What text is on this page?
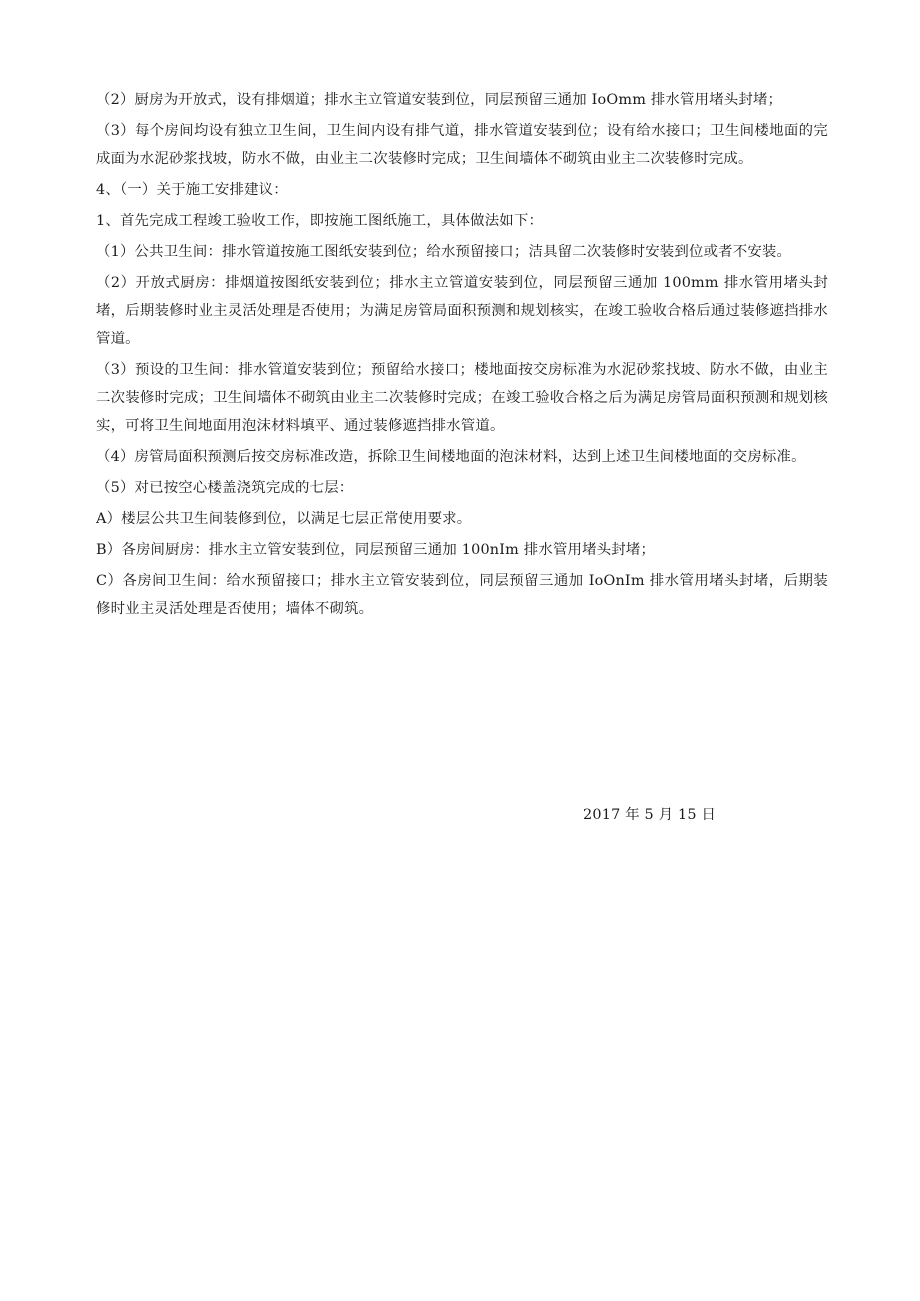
（2）厨房为开放式，设有排烟道；排水主立管道安装到位，同层预留三通加 IoOmm 排水管用堵头封堵；

（3）每个房间均设有独立卫生间，卫生间内设有排气道，排水管道安装到位；设有给水接口；卫生间楼地面的完成面为水泥砂浆找坡，防水不做，由业主二次装修时完成；卫生间墙体不砌筑由业主二次装修时完成。

4、（一）关于施工安排建议：

1、首先完成工程竣工验收工作，即按施工图纸施工，具体做法如下：

（1）公共卫生间：排水管道按施工图纸安装到位；给水预留接口；洁具留二次装修时安装到位或者不安装。

（2）开放式厨房：排烟道按图纸安装到位；排水主立管道安装到位，同层预留三通加 100mm 排水管用堵头封堵，后期装修时业主灵活处理是否使用；为满足房管局面积预测和规划核实，在竣工验收合格后通过装修遮挡排水管道。

（3）预设的卫生间：排水管道安装到位；预留给水接口；楼地面按交房标准为水泥砂浆找坡、防水不做，由业主二次装修时完成；卫生间墙体不砌筑由业主二次装修时完成；在竣工验收合格之后为满足房管局面积预测和规划核实，可将卫生间地面用泡沫材料填平、通过装修遮挡排水管道。

（4）房管局面积预测后按交房标准改造，拆除卫生间楼地面的泡沫材料，达到上述卫生间楼地面的交房标准。

（5）对已按空心楼盖浇筑完成的七层：

A）楼层公共卫生间装修到位，以满足七层正常使用要求。

B）各房间厨房：排水主立管安装到位，同层预留三通加 100nIm 排水管用堵头封堵；

C）各房间卫生间：给水预留接口；排水主立管安装到位，同层预留三通加 IoOnIm 排水管用堵头封堵，后期装修时业主灵活处理是否使用；墙体不砌筑。

2017 年 5 月 15 日
